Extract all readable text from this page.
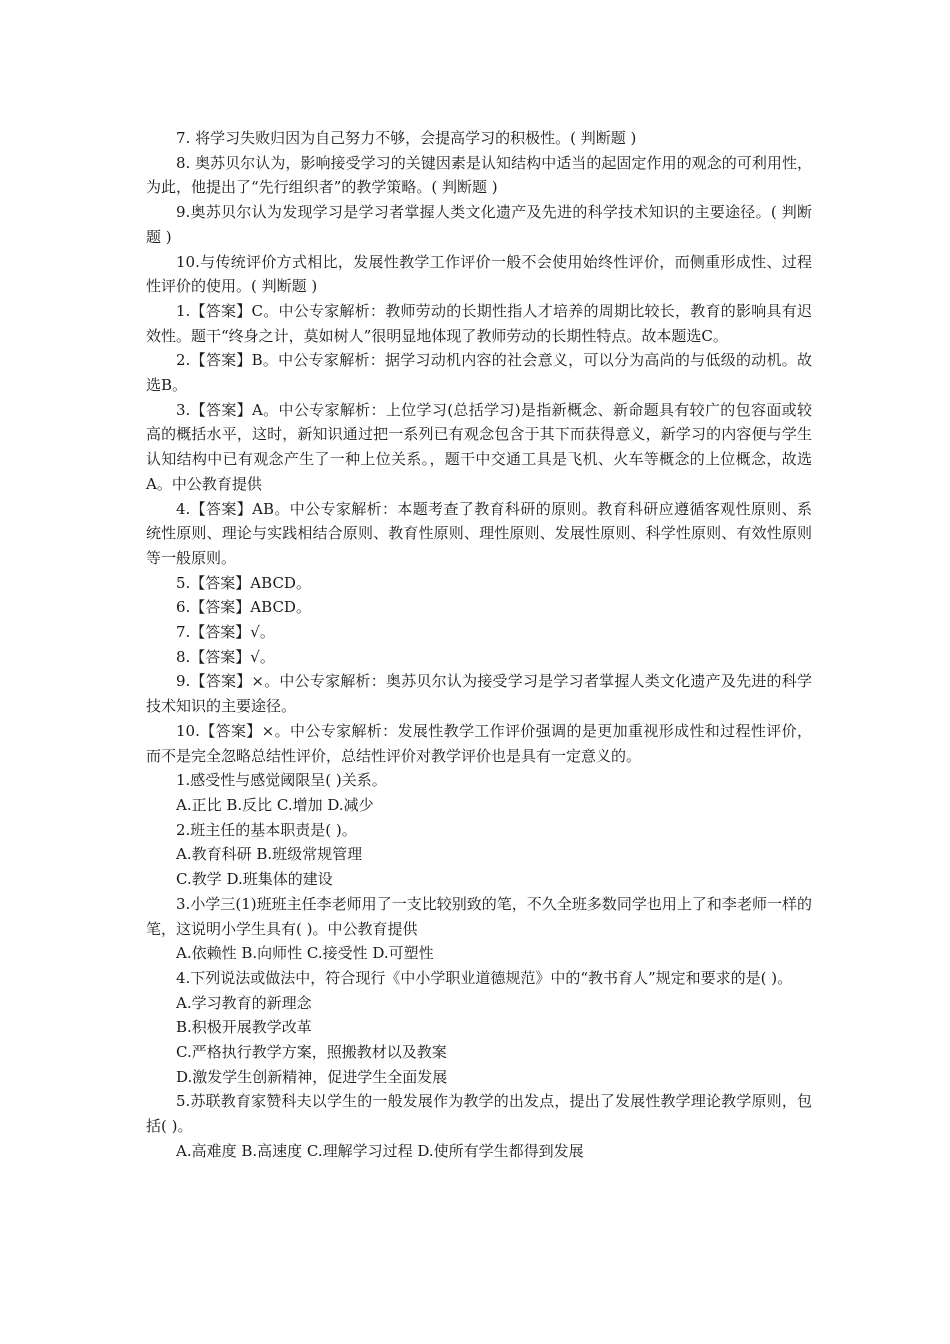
7. 将学习失败归因为自己努力不够，会提高学习的积极性。( 判断题 )

8. 奥苏贝尔认为，影响接受学习的关键因素是认知结构中适当的起固定作用的观念的可利用性，为此，他提出了“先行组织者”的教学策略。( 判断题 )

9.奥苏贝尔认为发现学习是学习者掌握人类文化遗产及先进的科学技术知识的主要途径。( 判断题 )

10.与传统评价方式相比，发展性教学工作评价一般不会使用始终性评价，而侧重形成性、过程性评价的使用。( 判断题 )

1.【答案】C。中公专家解析：教师劳动的长期性指人才培养的周期比较长，教育的影响具有迟效性。题干“终身之计，莫如树人”很明显地体现了教师劳动的长期性特点。故本题选C。

2.【答案】B。中公专家解析：据学习动机内容的社会意义，可以分为高尚的与低级的动机。故选B。

3.【答案】A。中公专家解析：上位学习(总括学习)是指新概念、新命题具有较广的包容面或较高的概括水平，这时，新知识通过把一系列已有观念包含于其下而获得意义，新学习的内容便与学生认知结构中已有观念产生了一种上位关系。，题干中交通工具是飞机、火车等概念的上位概念，故选A。中公教育提供

4.【答案】AB。中公专家解析：本题考查了教育科研的原则。教育科研应遵循客观性原则、系统性原则、理论与实践相结合原则、教育性原则、理性原则、发展性原则、科学性原则、有效性原则等一般原则。

5.【答案】ABCD。

6.【答案】ABCD。

7.【答案】√。

8.【答案】√。

9.【答案】×。中公专家解析：奥苏贝尔认为接受学习是学习者掌握人类文化遗产及先进的科学技术知识的主要途径。

10.【答案】×。中公专家解析：发展性教学工作评价强调的是更加重视形成性和过程性评价，而不是完全忽略总结性评价，总结性评价对教学评价也是具有一定意义的。

1.感受性与感觉阈限呈( )关系。

A.正比 B.反比 C.增加 D.减少

2.班主任的基本职责是( )。

A.教育科研 B.班级常规管理

C.教学 D.班集体的建设

3.小学三(1)班班主任李老师用了一支比较别致的笔，不久全班多数同学也用上了和李老师一样的笔，这说明小学生具有( )。中公教育提供

A.依赖性 B.向师性 C.接受性 D.可塑性

4.下列说法或做法中，符合现行《中小学职业道德规范》中的“教书育人”规定和要求的是( )。

A.学习教育的新理念

B.积极开展教学改革

C.严格执行教学方案，照搬教材以及教案

D.激发学生创新精神，促进学生全面发展

5.苏联教育家赞科夫以学生的一般发展作为教学的出发点，提出了发展性教学理论教学原则，包括( )。

A.高难度 B.高速度 C.理解学习过程 D.使所有学生都得到发展
